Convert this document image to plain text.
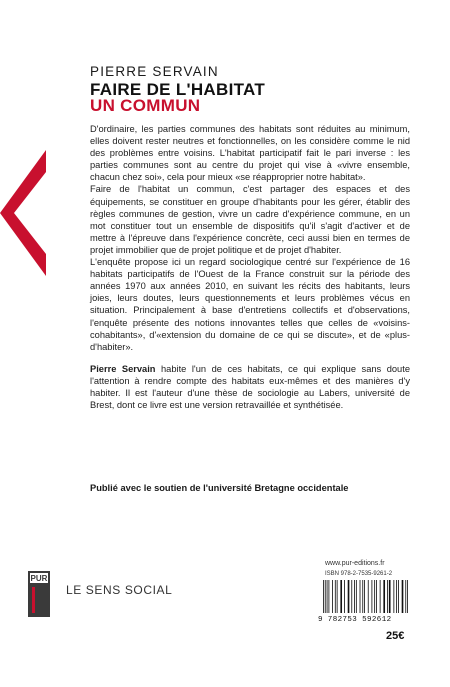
PIERRE SERVAIN
FAIRE DE L'HABITAT
UN COMMUN

D'ordinaire, les parties communes des habitats sont réduites au minimum, elles doivent rester neutres et fonctionnelles, on les considère comme le nid des problèmes entre voisins. L'habitat participatif fait le pari inverse : les parties communes sont au centre du projet qui vise à «vivre ensemble, chacun chez soi», cela pour mieux «se réapproprier notre habitat».

Faire de l'habitat un commun, c'est partager des espaces et des équipements, se constituer en groupe d'habitants pour les gérer, établir des règles communes de gestion, vivre un cadre d'expérience commune, en un mot constituer tout un ensemble de dispositifs qu'il s'agit d'activer et de mettre à l'épreuve dans l'expérience concrète, ceci aussi bien en termes de projet immobilier que de projet politique et de projet d'habiter.

L'enquête propose ici un regard sociologique centré sur l'expérience de 16 habitats participatifs de l'Ouest de la France construit sur la période des années 1970 aux années 2010, en suivant les récits des habitants, leurs joies, leurs doutes, leurs questionnements et leurs problèmes vécus en situation. Principalement à base d'entretiens collectifs et d'observations, l'enquête présente des notions innovantes telles que celles de «voisins-cohabitants», d'«extension du domaine de ce qui se discute», et de «plus-d'habiter».

Pierre Servain habite l'un de ces habitats, ce qui explique sans doute l'attention à rendre compte des habitats eux-mêmes et des manières d'y habiter. Il est l'auteur d'une thèse de sociologie au Labers, université de Brest, dont ce livre est une version retravaillée et synthétisée.

Publié avec le soutien de l'université Bretagne occidentale
PUR
LE SENS SOCIAL
www.pur-editions.fr
ISBN 978-2-7535-9261-2
9 782753 592612
25€
